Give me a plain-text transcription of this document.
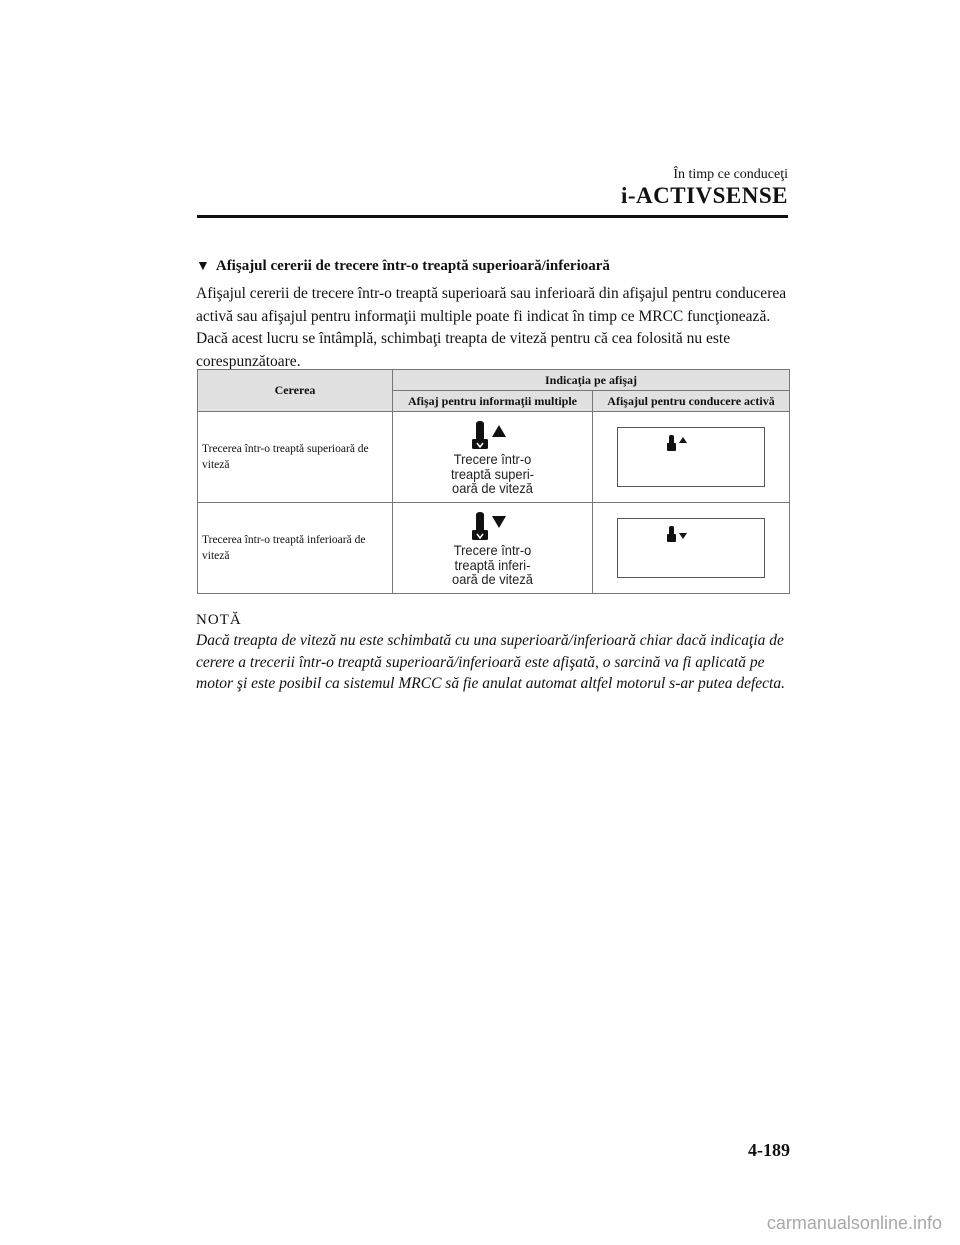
În timp ce conduceţi
i-ACTIVSENSE
▼ Afişajul cererii de trecere într-o treaptă superioară/inferioară

Afişajul cererii de trecere într-o treaptă superioară sau inferioară din afişajul pentru conducerea activă sau afişajul pentru informaţii multiple poate fi indicat în timp ce MRCC funcţionează. Dacă acest lucru se întâmplă, schimbaţi treapta de viteză pentru că cea folosită nu este corespunzătoare.

Cererea	Indicaţia pe afişaj	
	Afişaj pentru informaţii multiple	Afişajul pentru conducere activă
Trecerea într-o treaptă superioară de viteză	Trecere într-o
treaptă superi-
oară de viteză

Trecerea într-o treaptă inferioară de viteză	Trecere într-o
treaptă inferi-
oară de viteză

NOTĂ

Dacă treapta de viteză nu este schimbată cu una superioară/inferioară chiar dacă indicaţia de cerere a trecerii într-o treaptă superioară/inferioară este afişată, o sarcină va fi aplicată pe motor şi este posibil ca sistemul MRCC să fie anulat automat altfel motorul s-ar putea defecta.

4-189
carmanualsonline.info
